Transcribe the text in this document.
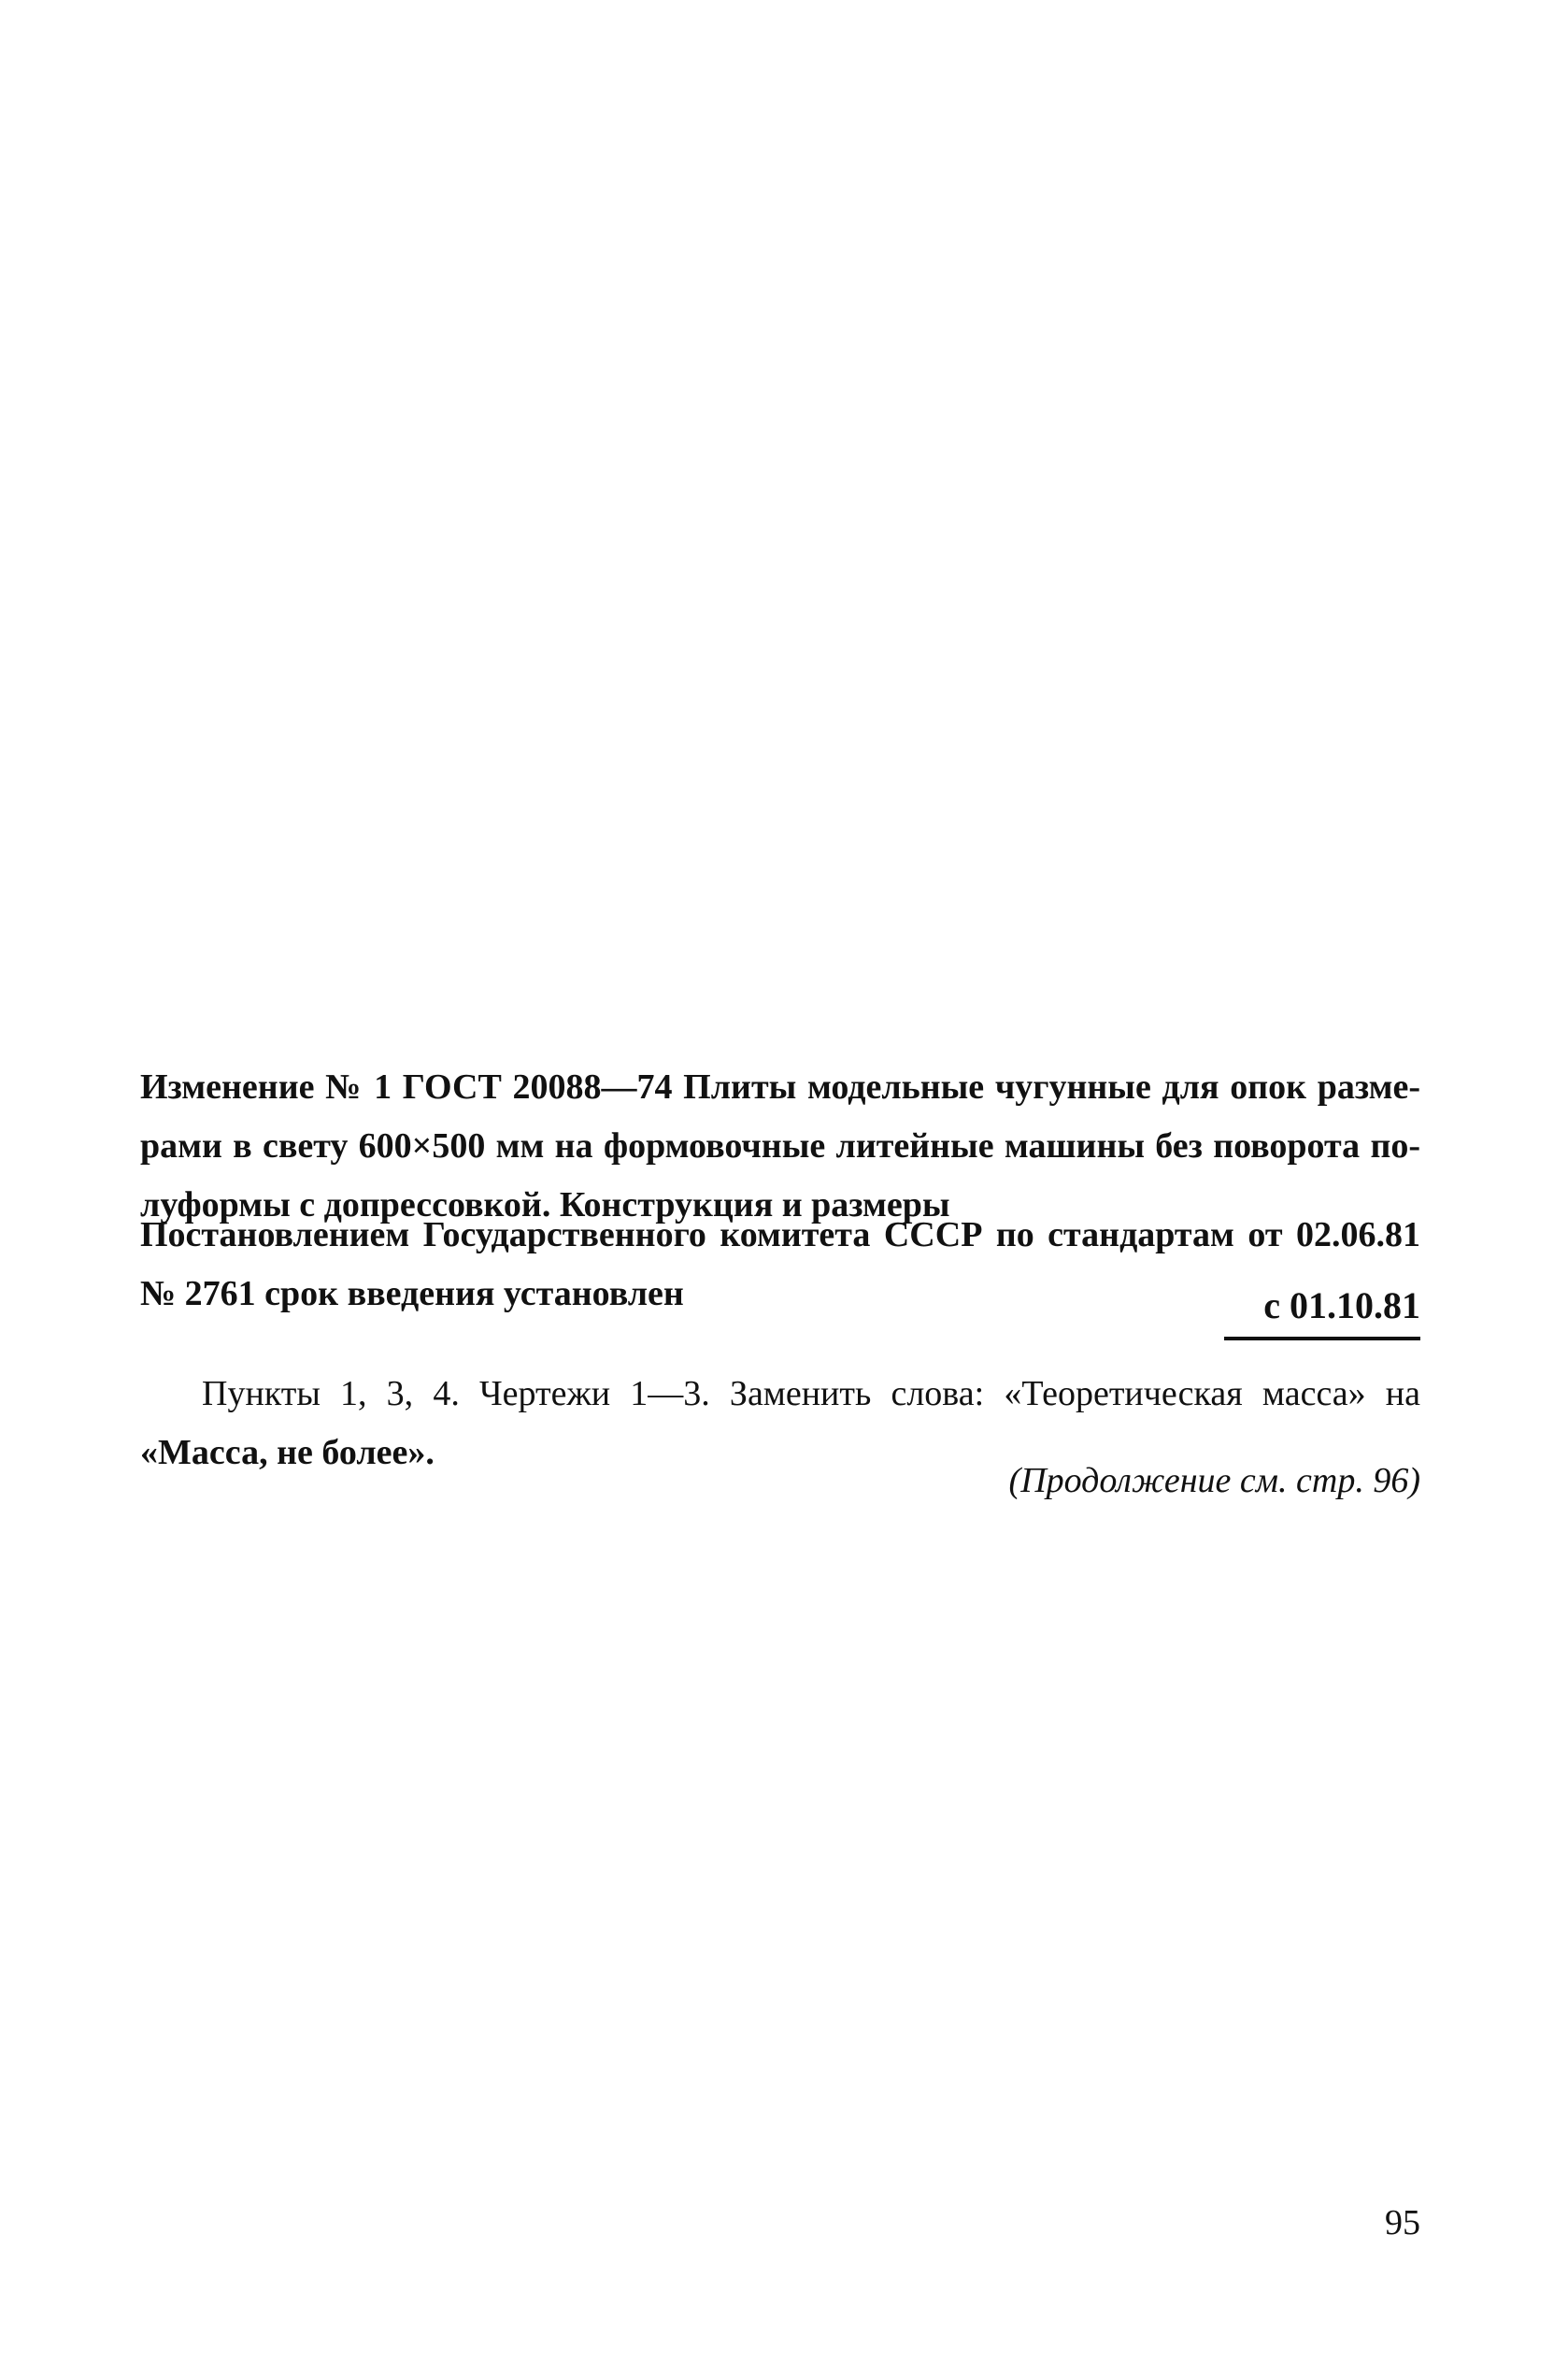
Изменение № 1 ГОСТ 20088—74 Плиты модельные чугунные для опок разме-
рами в свету 600×500 мм на формовочные литейные машины без поворота по-
луформы с допрессовкой. Конструкция и размеры
Постановлением Государственного комитета СССР по стандартам от 02.06.81
№ 2761 срок введения установлен	с 01.10.81
Пункты 1, 3, 4. Чертежи 1—3. Заменить слова: «Теоретическая масса» на
«Масса, не более».
(Продолжение см. стр. 96)
95
